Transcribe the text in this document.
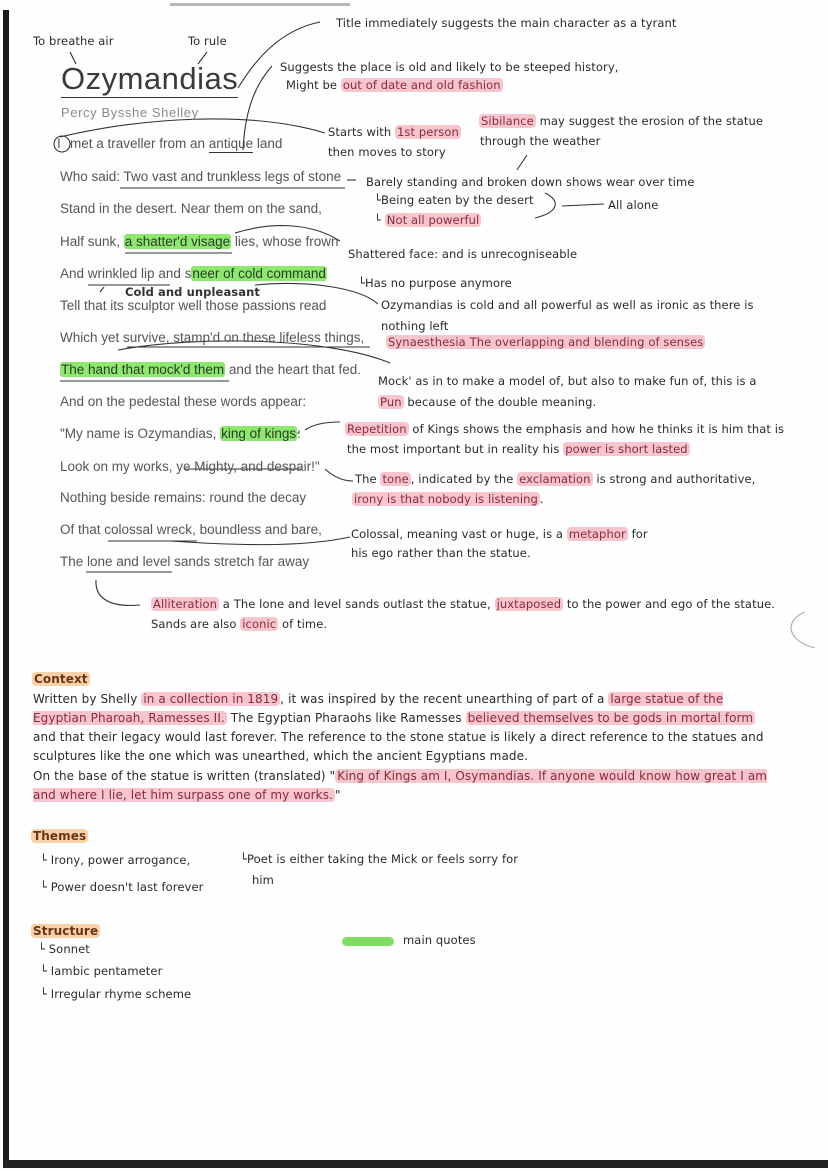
To breathe air	To rule
Title immediately suggests the main character as a tyrant
Ozymandias
Percy Bysshe Shelley
Suggests the place is old and likely to be steeped history,
Might be out of date and old fashion
met a traveller from an antique land
I
Who said: Two vast and trunkless legs of stone
Stand in the desert. Near them on the sand,
Half sunk, a shatter'd visage lies, whose frown
And wrinkled lip and sneer of cold command
Cold and unpleasant
Tell that its sculptor well those passions read
Which yet survive, stamp'd on these lifeless things,
The hand that mock'd them and the heart that fed.
And on the pedestal these words appear:
"My name is Ozymandias, king of kings:
Look on my works, ye Mighty, and despair!"
Nothing beside remains: round the decay
Of that colossal wreck, boundless and bare,
The lone and level sands stretch far away
Starts with 1st person
then moves to story
Sibilance may suggest the erosion of the statue
through the weather
Barely standing and broken down shows wear over time
└Being eaten by the desert
└ Not all powerful
All alone
Shattered face: and is unrecogniseable
└Has no purpose anymore
Ozymandias is cold and all powerful as well as ironic as there is
nothing left
Synaesthesia The overlapping and blending of senses
Mock' as in to make a model of, but also to make fun of, this is a
Pun because of the double meaning.
Repetition of Kings shows the emphasis and how he thinks it is him that is
the most important but in reality his power is short lasted
The tone , indicated by the exclamation is strong and authoritative,
irony is that nobody is listening .
Colossal, meaning vast or huge, is a metaphor for
his ego rather than the statue.
Alliteration a The lone and level sands outlast the statue, juxtaposed to the power and ego of the statue.
Sands are also iconic of time.
Context
Written by Shelly in a collection in 1819 , it was inspired by the recent unearthing of part of a large statue of the Egyptian Pharoah, Ramesses II. The Egyptian Pharaohs like Ramesses believed themselves to be gods in mortal form and that their legacy would last forever. The reference to the stone statue is likely a direct reference to the statues and sculptures like the one which was unearthed, which the ancient Egyptians made.
On the base of the statue is written (translated) " King of Kings am I, Osymandias. If anyone would know how great I am and where I lie, let him surpass one of my works. "
Themes
└ Irony, power arrogance,
└ Power doesn't last forever
└Poet is either taking the Mick or feels sorry for
him
Structure
└ Sonnet
└ Iambic pentameter
└ Irregular rhyme scheme
main quotes
